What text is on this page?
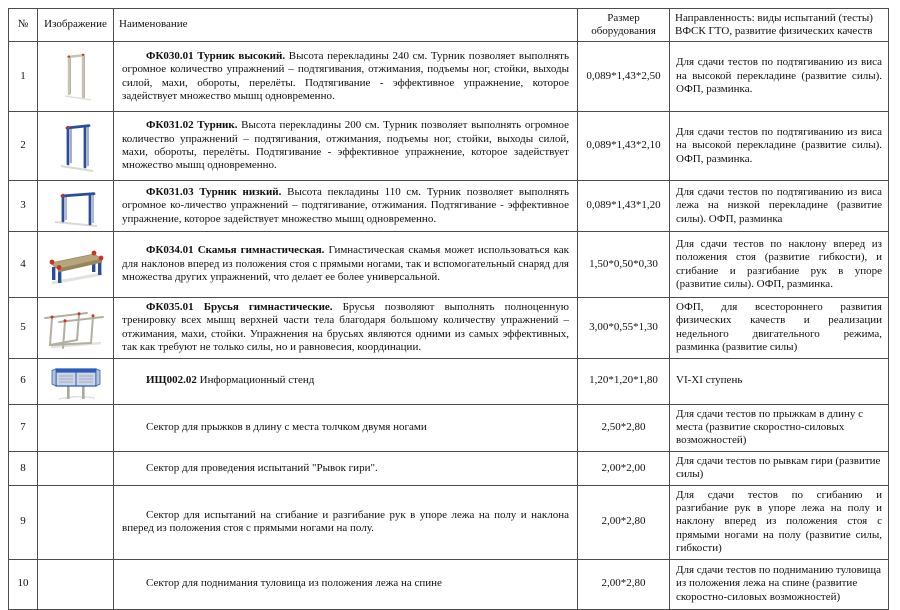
№	Изображение	Наименование	Размер оборудования	Направленность: виды испытаний (тесты) ВФСК ГТО, развитие физических качеств
1		ФК030.01 Турник высокий. Высота перекладины 240 см. Турник позволяет выполнять огромное количество упражнений – подтягивания, отжимания, подъемы ног, стойки, выходы силой, махи, обороты, перелёты. Подтягивание - эффективное упражнение, которое задействует множество мышц одновременно.	0,089*1,43*2,50	Для сдачи тестов по подтягиванию из виса на высокой перекладине (развитие силы). ОФП, разминка.
2		ФК031.02 Турник. Высота перекладины 200 см. Турник позволяет выполнять огромное количество упражнений – подтягивания, отжимания, подъемы ног, стойки, выходы силой, махи, обороты, перелёты. Подтягивание - эффективное упражнение, которое задействует множество мышц одновременно.	0,089*1,43*2,10	Для сдачи тестов по подтягиванию из виса на высокой перекладине (развитие силы). ОФП, разминка.
3		ФК031.03 Турник низкий. Высота пекладины 110 см. Турник позволяет выполнять огромное ко-личество упражнений – подтягивание, отжимания. Подтягивание - эффективное упражнение, которое задействует множество мышц одновременно.	0,089*1,43*1,20	Для сдачи тестов по подтягиванию из виса лежа на низкой перекладине (развитие силы). ОФП, разминка
4		ФК034.01 Скамья гимнастическая. Гимнастическая скамья может использоваться как для наклонов вперед из положения стоя с прямыми ногами, так и вспомогательный снаряд для множества других упражнений, что делает ее более универсальной.	1,50*0,50*0,30	Для сдачи тестов по наклону вперед из положения стоя (развитие гибкости), и сгибание и разгибание рук в упоре (развитие силы). ОФП, разминка.
5		ФК035.01 Брусья гимнастические. Брусья позволяют выполнять полноценную тренировку всех мышц верхней части тела благодаря большому количеству упражнений – отжимания, махи, стойки. Упражнения на брусьях являются одними из самых эффективных, так как требуют не только силы, но и равновесия, координации.	3,00*0,55*1,30	ОФП, для всестороннего развития физических качеств и реализации недельного двигательного режима, разминка (развитие силы)
6		ИЩ002.02 Информационный стенд	1,20*1,20*1,80	VI-XI ступень
7		Сектор для прыжков в длину с места толчком двумя ногами	2,50*2,80	Для сдачи тестов по прыжкам в длину с места (развитие скоростно-силовых возможностей)
8		Сектор для проведения испытаний "Рывок гири".	2,00*2,00	Для сдачи тестов по рывкам гири (развитие силы)
9		Сектор для испытаний на сгибание и разгибание рук в упоре лежа на полу и наклона вперед из положения стоя с прямыми ногами на полу.	2,00*2,80	Для сдачи тестов по сгибанию и разгибание рук в упоре лежа на полу и наклону вперед из положения стоя с прямыми ногами на полу (развитие силы, гибкости)
10		Сектор для поднимания туловища из положения лежа на спине	2,00*2,80	Для сдачи тестов по подниманию туловища из положения лежа на спине (развитие скоростно-силовых возможностей)
